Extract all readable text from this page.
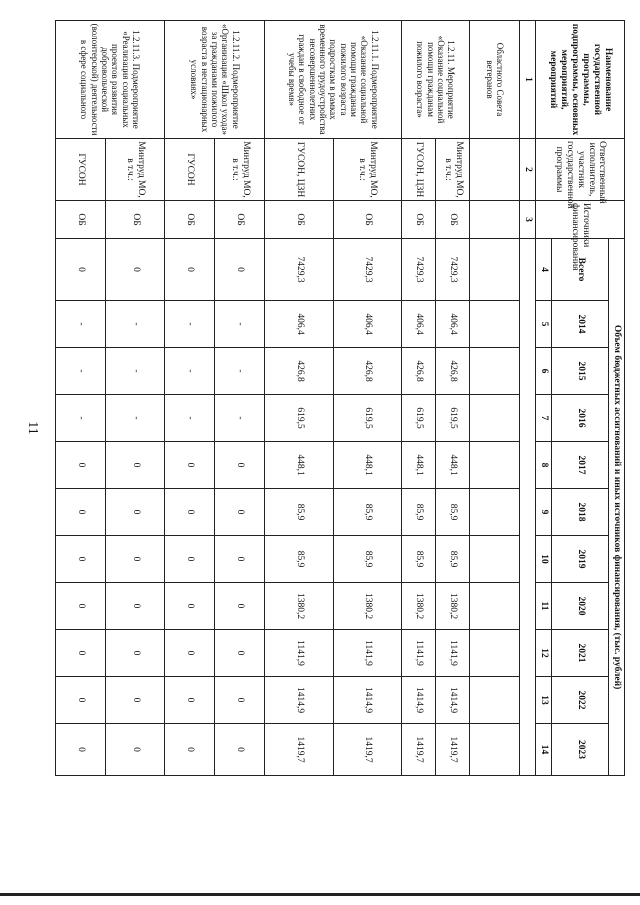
11
Наименование государственной программы, подпрограммы, основных мероприятий, мероприятий	Ответственный исполнитель, участник государственной программы	Источники финансирования	Объем бюджетных ассигнований и иных источников финансирования, (тыс. рублей)										
			Всего	2014	2015	2016	2017	2018	2019	2020	2021	2022	2023
			4	5	6	7	8	9	10	11	12	13	14
1	2	3											
Областного Совета ветеранов													
1.2.11. Мероприятие «Оказание социальной помощи гражданам пожилого возраста»	Минтруд МО, в т.ч.:	ОБ	7429,3	406,4	426,8	619,5	448,1	85,9	85,9	1380,2	1141,9	1414,9	1419,7
	ГУСОН, ЦЗН	ОБ	7429,3	406,4	426,8	619,5	448,1	85,9	85,9	1380,2	1141,9	1414,9	1419,7
1.2.11.1. Подмероприятие «Оказание социальной помощи гражданам пожилого возраста подросткам в рамках временного трудоустройства несовершеннолетних граждан в свободное от учебы время»	Минтруд МО, в т.ч.:	ОБ	7429,3	406,4	426,8	619,5	448,1	85,9	85,9	1380,2	1141,9	1414,9	1419,7
	ГУСОН, ЦЗН	ОБ	7429,3	406,4	426,8	619,5	448,1	85,9	85,9	1380,2	1141,9	1414,9	1419,7
1.2.11.2. Подмероприятие «Организация «Школ ухода» за гражданами пожилого возраста в нестационарных условиях»	Минтруд МО, в т.ч.:	ОБ	0	-	-	-	0	0	0	0	0	0	0
	ГУСОН	ОБ	0	-	-	-	0	0	0	0	0	0	0
1.2.11.3. Подмероприятие «Реализация социальных проектов развития добровольческой (волонтерской) деятельности в сфере социального	Минтруд МО, в т.ч.:	ОБ	0	-	-	-	0	0	0	0	0	0	0
	ГУСОН	ОБ	0	-	-	-	0	0	0	0	0	0	0
